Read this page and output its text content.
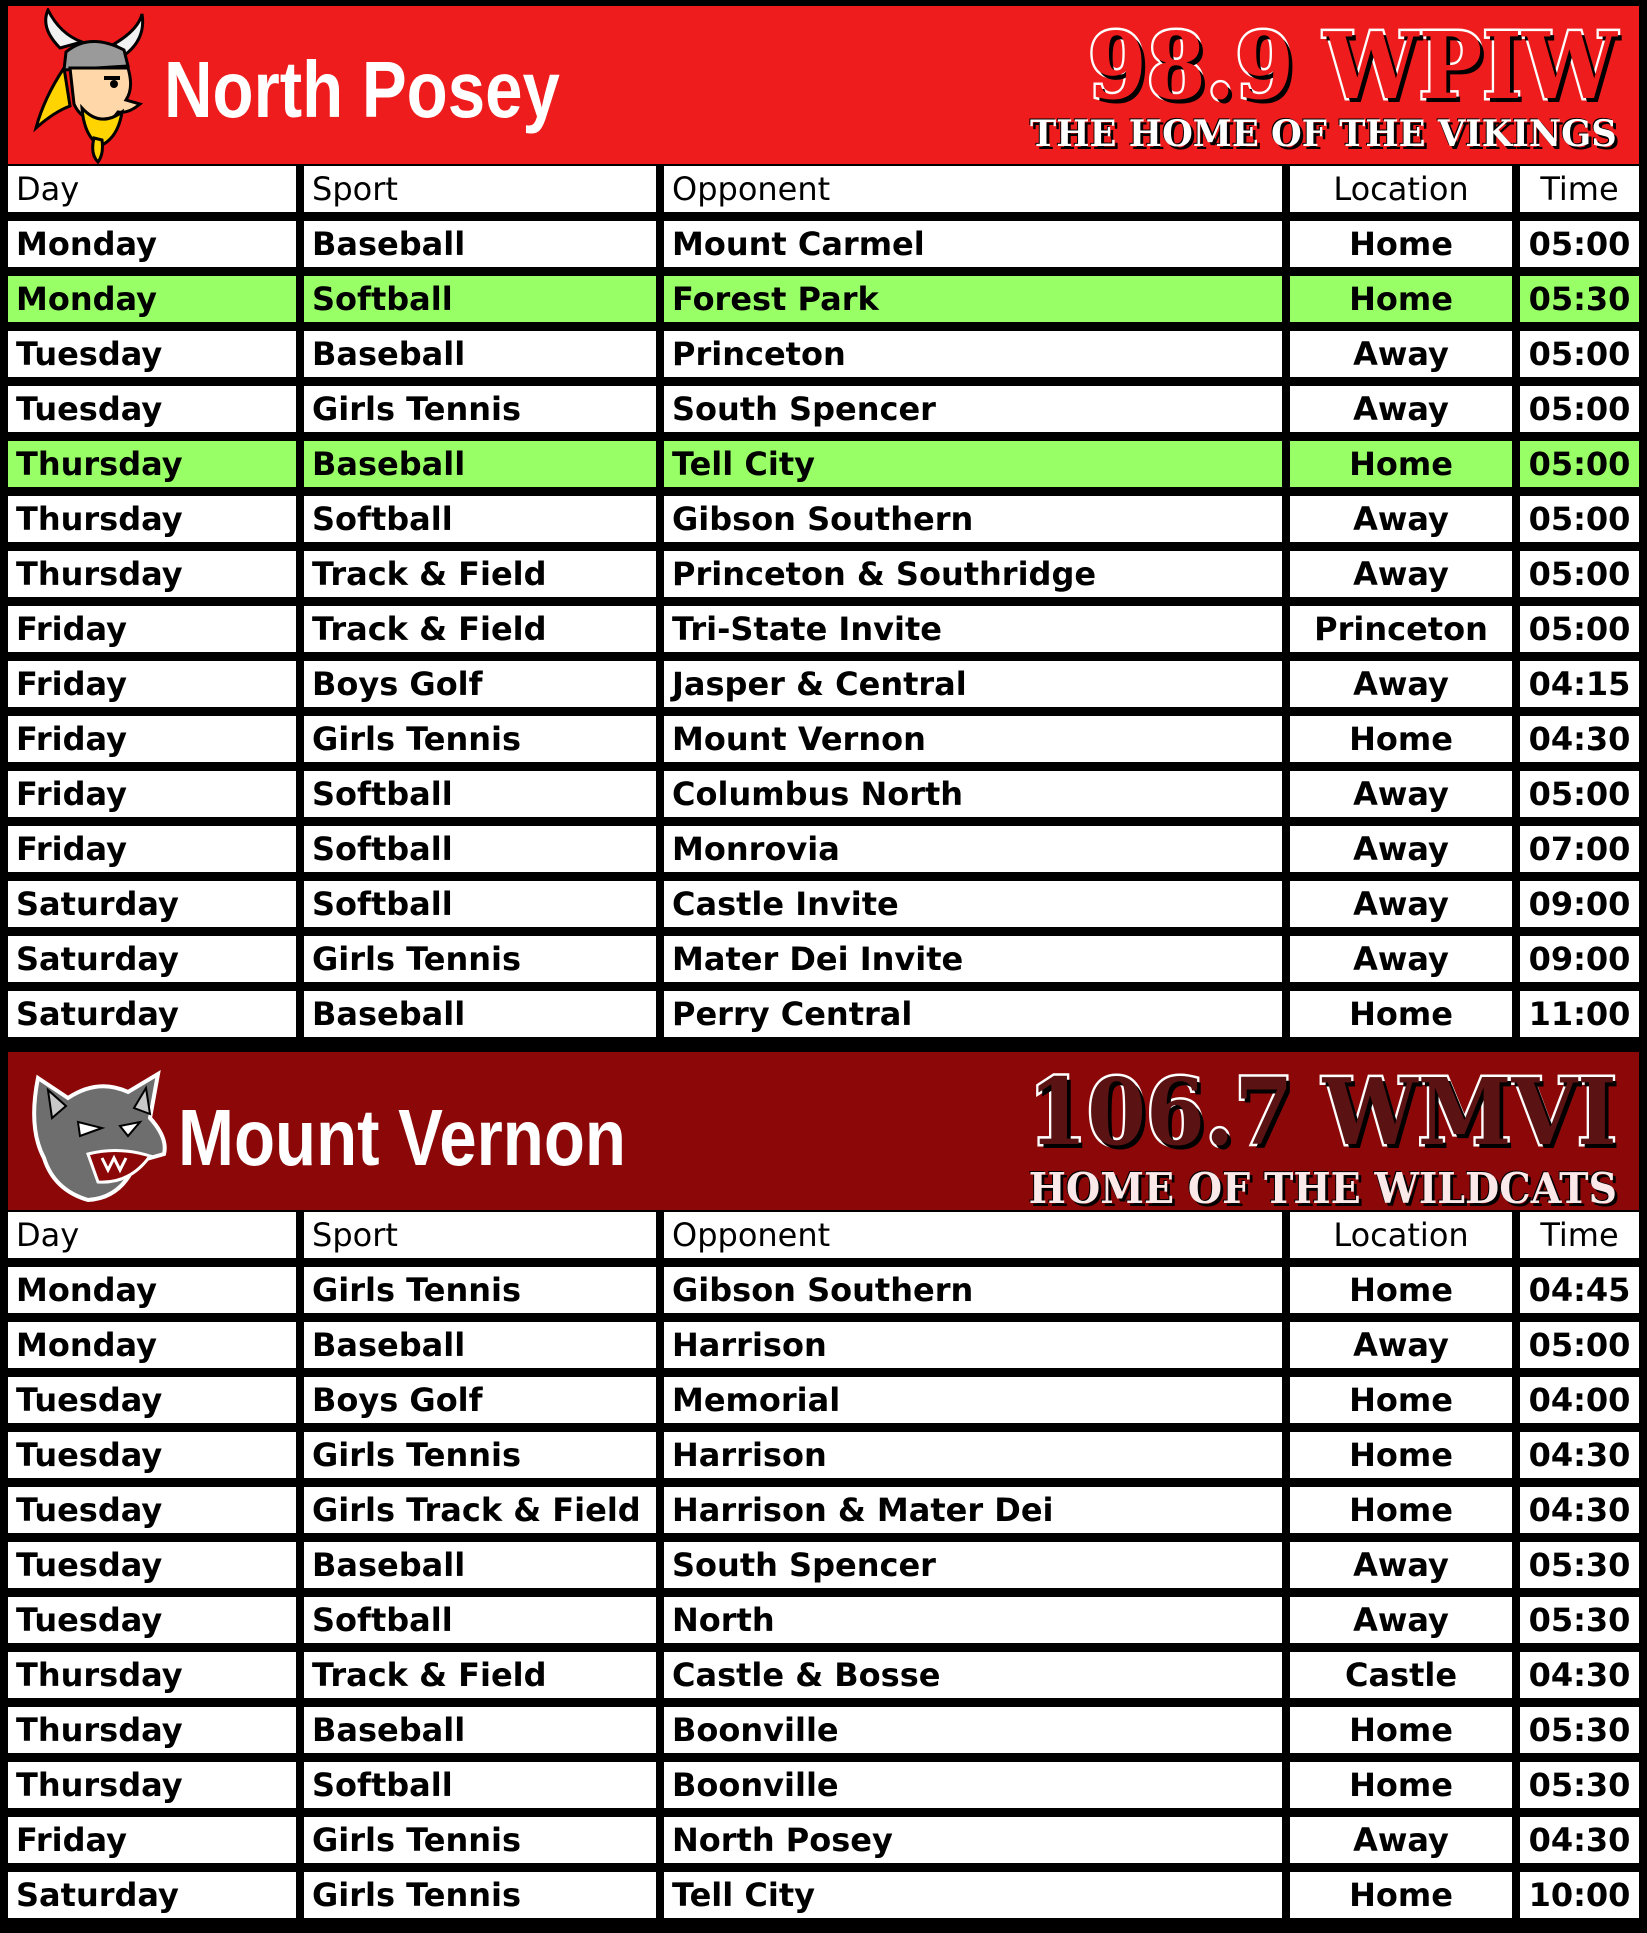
North Posey	98.9 WPIW
THE HOME OF THE VIKINGS
Day	Sport	Opponent	Location	Time
Monday	Baseball	Mount Carmel	Home	05:00
Monday	Softball	Forest Park	Home	05:30
Tuesday	Baseball	Princeton	Away	05:00
Tuesday	Girls Tennis	South Spencer	Away	05:00
Thursday	Baseball	Tell City	Home	05:00
Thursday	Softball	Gibson Southern	Away	05:00
Thursday	Track & Field	Princeton & Southridge	Away	05:00
Friday	Track & Field	Tri-State Invite	Princeton	05:00
Friday	Boys Golf	Jasper & Central	Away	04:15
Friday	Girls Tennis	Mount Vernon	Home	04:30
Friday	Softball	Columbus North	Away	05:00
Friday	Softball	Monrovia	Away	07:00
Saturday	Softball	Castle Invite	Away	09:00
Saturday	Girls Tennis	Mater Dei Invite	Away	09:00
Saturday	Baseball	Perry Central	Home	11:00
Mount Vernon	106.7 WMVI
HOME OF THE WILDCATS
Day	Sport	Opponent	Location	Time
Monday	Girls Tennis	Gibson Southern	Home	04:45
Monday	Baseball	Harrison	Away	05:00
Tuesday	Boys Golf	Memorial	Home	04:00
Tuesday	Girls Tennis	Harrison	Home	04:30
Tuesday	Girls Track & Field	Harrison & Mater Dei	Home	04:30
Tuesday	Baseball	South Spencer	Away	05:30
Tuesday	Softball	North	Away	05:30
Thursday	Track & Field	Castle & Bosse	Castle	04:30
Thursday	Baseball	Boonville	Home	05:30
Thursday	Softball	Boonville	Home	05:30
Friday	Girls Tennis	North Posey	Away	04:30
Saturday	Girls Tennis	Tell City	Home	10:00
